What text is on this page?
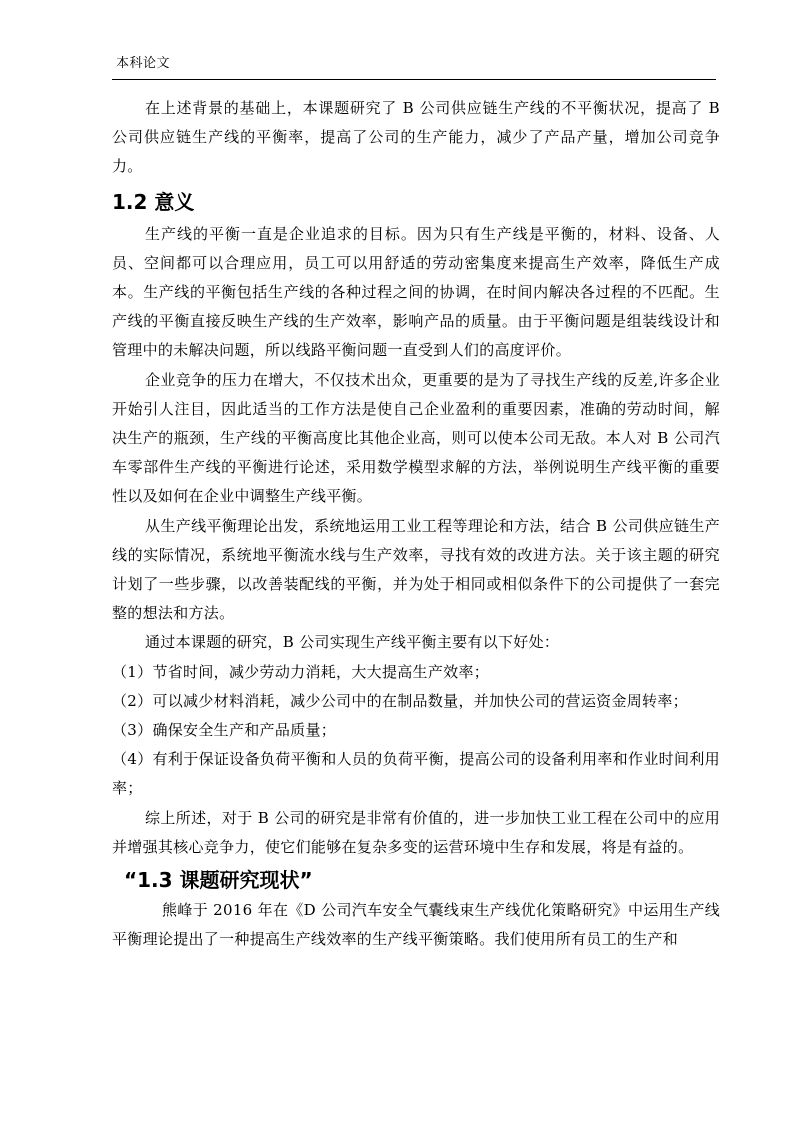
本科论文

在上述背景的基础上，本课题研究了 B 公司供应链生产线的不平衡状况，提高了 B 公司供应链生产线的平衡率，提高了公司的生产能力，减少了产品产量，增加公司竞争力。

1.2 意义

生产线的平衡一直是企业追求的目标。因为只有生产线是平衡的，材料、设备、人员、空间都可以合理应用，员工可以用舒适的劳动密集度来提高生产效率，降低生产成本。生产线的平衡包括生产线的各种过程之间的协调，在时间内解决各过程的不匹配。生产线的平衡直接反映生产线的生产效率，影响产品的质量。由于平衡问题是组装线设计和管理中的未解决问题，所以线路平衡问题一直受到人们的高度评价。

企业竞争的压力在增大，不仅技术出众，更重要的是为了寻找生产线的反差,许多企业开始引人注目，因此适当的工作方法是使自己企业盈利的重要因素，准确的劳动时间，解决生产的瓶颈，生产线的平衡高度比其他企业高，则可以使本公司无敌。本人对 B 公司汽车零部件生产线的平衡进行论述，采用数学模型求解的方法，举例说明生产线平衡的重要性以及如何在企业中调整生产线平衡。

从生产线平衡理论出发，系统地运用工业工程等理论和方法，结合 B 公司供应链生产线的实际情况，系统地平衡流水线与生产效率，寻找有效的改进方法。关于该主题的研究计划了一些步骤，以改善装配线的平衡，并为处于相同或相似条件下的公司提供了一套完整的想法和方法。

通过本课题的研究，B 公司实现生产线平衡主要有以下好处：

（1）节省时间，减少劳动力消耗，大大提高生产效率；

（2）可以减少材料消耗，减少公司中的在制品数量，并加快公司的营运资金周转率；

（3）确保安全生产和产品质量；

（4）有利于保证设备负荷平衡和人员的负荷平衡，提高公司的设备利用率和作业时间利用率；

综上所述，对于 B 公司的研究是非常有价值的，进一步加快工业工程在公司中的应用并增强其核心竞争力，使它们能够在复杂多变的运营环境中生存和发展，将是有益的。

“1.3 课题研究现状”

熊峰于 2016 年在《D 公司汽车安全气囊线束生产线优化策略研究》中运用生产线平衡理论提出了一种提高生产线效率的生产线平衡策略。我们使用所有员工的生产和
